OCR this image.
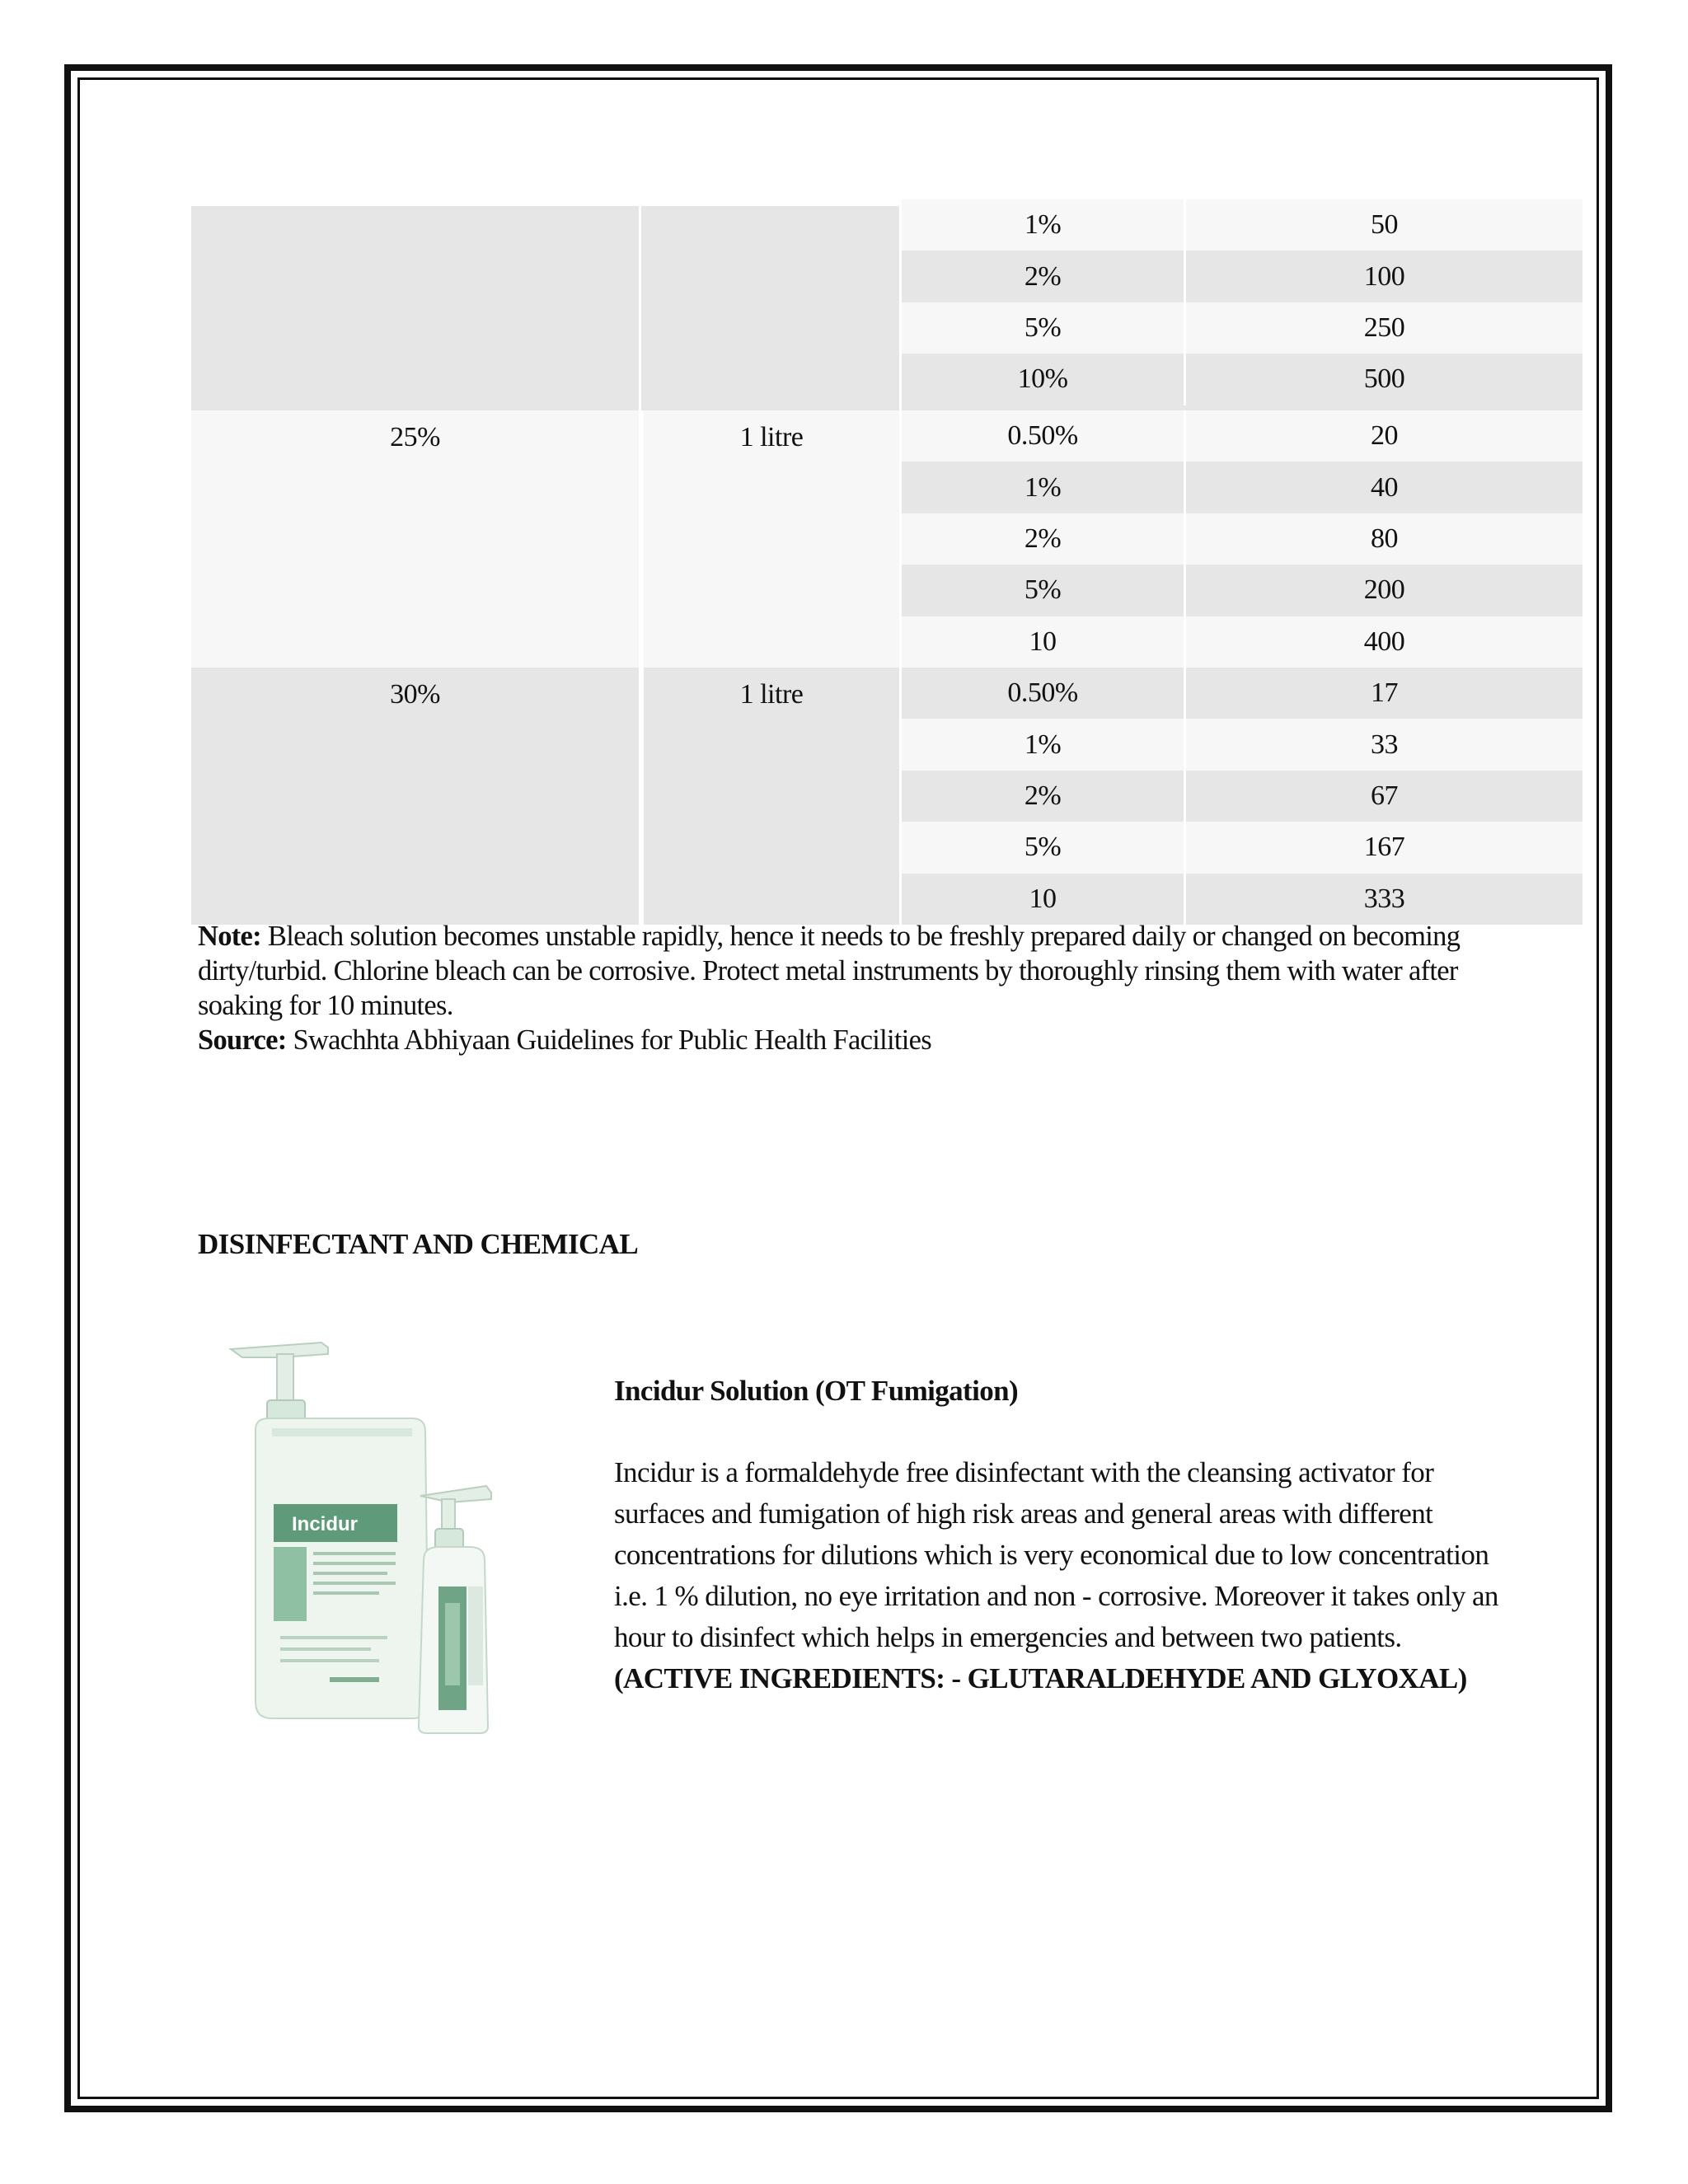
1%	50
2%	100
5%	250
10%	500
25%	1 litre	0.50%	20
1%	40
2%	80
5%	200
10	400
30%	1 litre	0.50%	17
1%	33
2%	67
5%	167
10	333
Note: Bleach solution becomes unstable rapidly, hence it needs to be freshly prepared daily or changed on becoming dirty/turbid. Chlorine bleach can be corrosive. Protect metal instruments by thoroughly rinsing them with water after soaking for 10 minutes.
Source: Swachhta Abhiyaan Guidelines for Public Health Facilities
DISINFECTANT AND CHEMICAL
Incidur
Incidur Solution (OT Fumigation)
Incidur is a formaldehyde free disinfectant with the cleansing activator for surfaces and fumigation of high risk areas and general areas with different concentrations for dilutions which is very economical due to low concentration i.e. 1 % dilution, no eye irritation and non - corrosive. Moreover it takes only an hour to disinfect which helps in emergencies and between two patients. (ACTIVE INGREDIENTS: - GLUTARALDEHYDE AND GLYOXAL)
